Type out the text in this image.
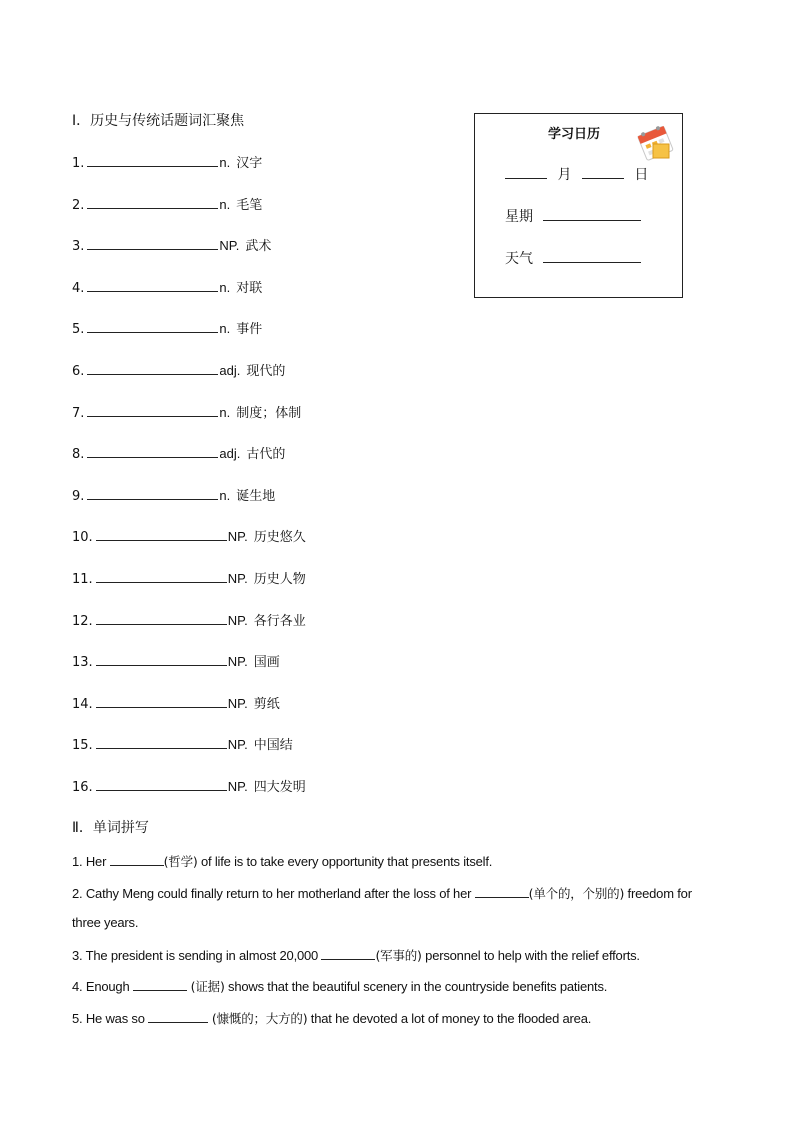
Ⅰ．历史与传统话题词汇聚焦
1.	n. 汉字
2.	n. 毛笔
3.	NP. 武术
4.	n. 对联
5.	n. 事件
6.	adj. 现代的
7.	n. 制度；体制
8.	adj. 古代的
9.	n. 诞生地
10.	NP. 历史悠久
11.	NP. 历史人物
12.	NP. 各行各业
13.	NP. 国画
14.	NP. 剪纸
15.	NP. 中国结
16.	NP. 四大发明
学习日历
月	日
星期
天气
Ⅱ．单词拼写
1. Her	(哲学) of life is to take every opportunity that presents itself.
2. Cathy Meng could finally return to her motherland after the loss of her	(单个的，个别的) freedom for
three years.
3. The president is sending in almost 20,000	(军事的) personnel to help with the relief efforts.
4. Enough	(证据) shows that the beautiful scenery in the countryside benefits patients.
5. He was so	(慷慨的；大方的) that he devoted a lot of money to the flooded area.
